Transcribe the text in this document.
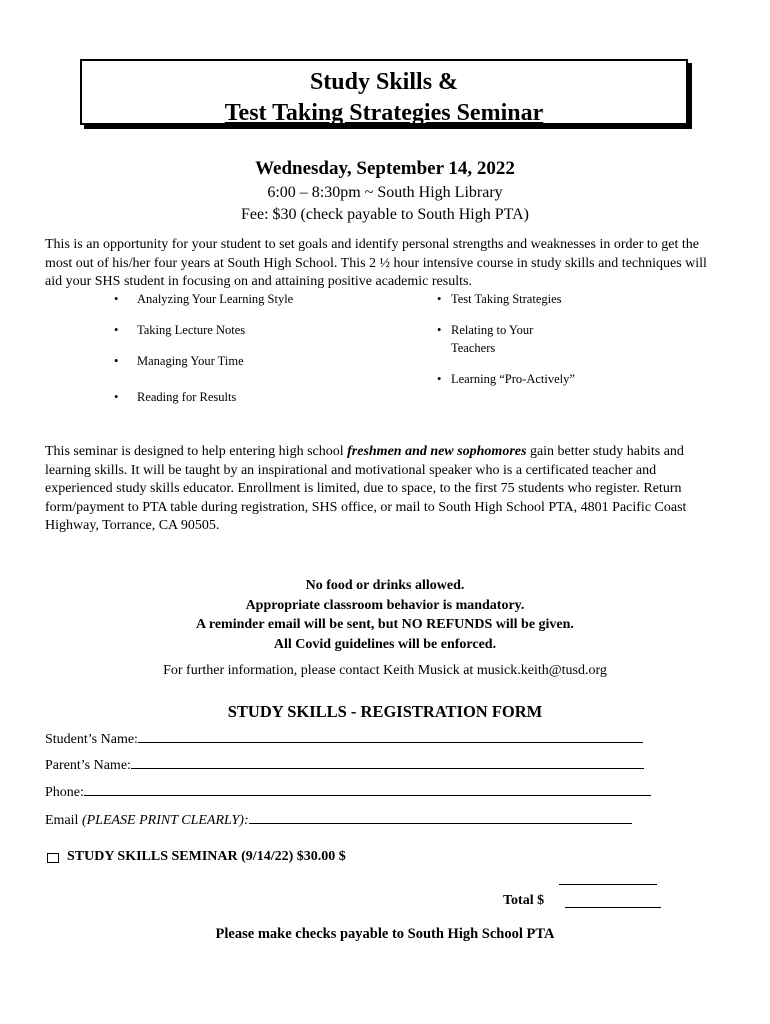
Study Skills &
Test Taking Strategies Seminar
Wednesday, September 14, 2022
6:00 – 8:30pm ~ South High Library
Fee: $30 (check payable to South High PTA)
This is an opportunity for your student to set goals and identify personal strengths and weaknesses in order to get the most out of his/her four years at South High School. This 2 ½ hour intensive course in study skills and techniques will aid your SHS student in focusing on and attaining positive academic results.
• Analyzing Your Learning Style
• Taking Lecture Notes
• Managing Your Time
• Reading for Results
• Test Taking Strategies
• Relating to Your
Teachers
• Learning “Pro-Actively”
This seminar is designed to help entering high school freshmen and new sophomores gain better study habits and learning skills. It will be taught by an inspirational and motivational speaker who is a certificated teacher and experienced study skills educator. Enrollment is limited, due to space, to the first 75 students who register. Return form/payment to PTA table during registration, SHS office, or mail to South High School PTA, 4801 Pacific Coast Highway, Torrance, CA 90505.
No food or drinks allowed.
Appropriate classroom behavior is mandatory.
A reminder email will be sent, but NO REFUNDS will be given.
All Covid guidelines will be enforced.
For further information, please contact Keith Musick at musick.keith@tusd.org
STUDY SKILLS - REGISTRATION FORM
Student’s Name:
Parent’s Name:
Phone:
Email (PLEASE PRINT CLEARLY):
STUDY SKILLS SEMINAR (9/14/22) $30.00 $
Total $
Please make checks payable to South High School PTA
